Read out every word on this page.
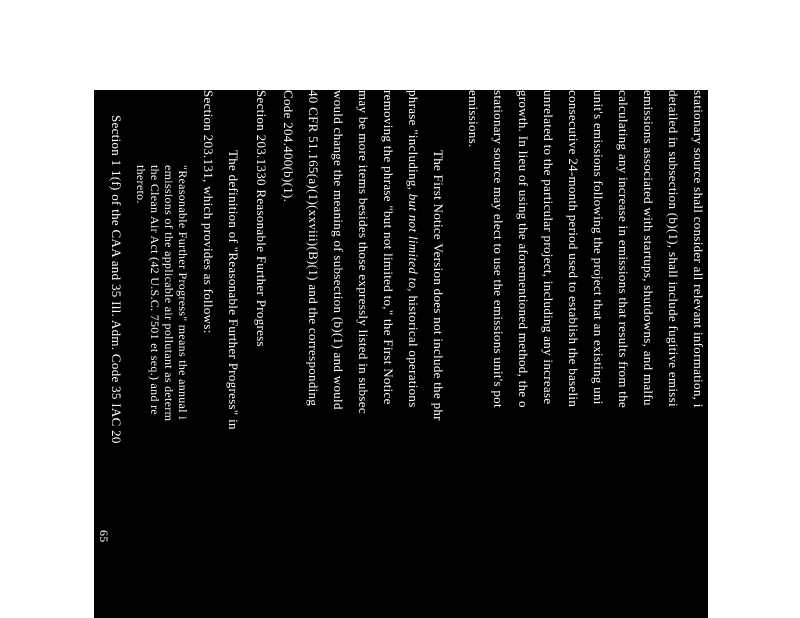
stationary source shall consider all relevant information, i
detailed in subsection (b)(1), shall include fugitive emissi
emissions associated with startups, shutdowns, and malfu
calculating any increase in emissions that results from the
unit's emissions following the project that an existing uni
consecutive 24-month period used to establish the baselin
unrelated to the particular project, including any increase
growth. In lieu of using the aforementioned method, the o
stationary source may elect to use the emissions unit's pot
emissions.
The First Notice Version does not include the phr
phrase "including, but not limited to, historical operations
removing the phrase "but not limited to," the First Notice
may be more items besides those expressly listed in subsec
would change the meaning of subsection (b)(1) and would
40 CFR 51.165(a)(1)(xxviii)(B)(1) and the corresponding
Code 204.400(b)(1).
Section 203.1330 Reasonable Further Progress
The definition of "Reasonable Further Progress" in
Section 203.131, which provides as follows:
"Reasonable Further Progress" means the annual i
emissions of the applicable air pollutant as determ
the Clean Air Act (42 U.S.C. 7501 et seq.) and re
thereto.
Section 1 1(f) of the CAA and 35 Ill. Adm. Code 35 IAC 20
65
